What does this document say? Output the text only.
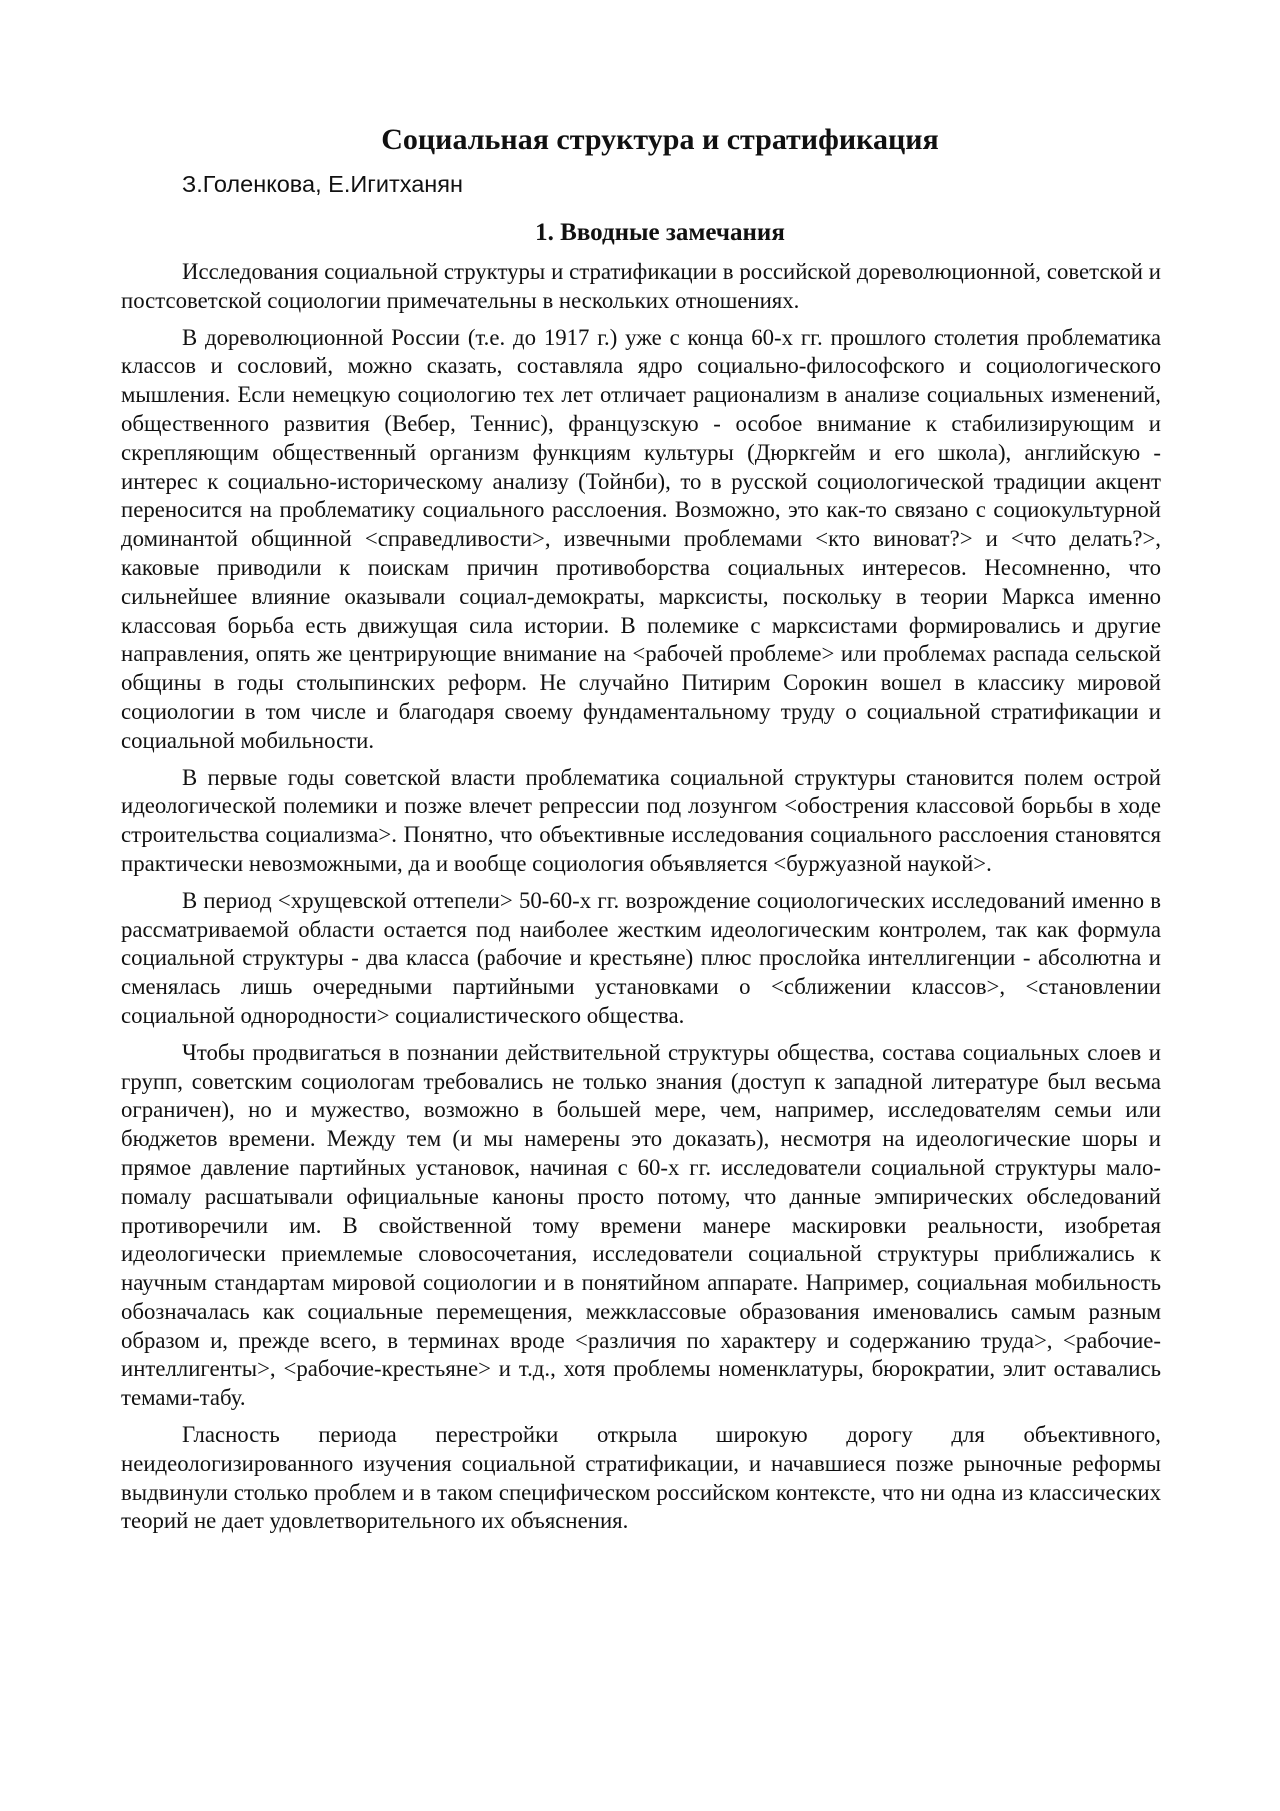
Социальная структура и стратификация
З.Голенкова, Е.Игитханян
1. Вводные замечания

Исследования социальной структуры и стратификации в российской дореволюционной, советской и постсоветской социологии примечательны в нескольких отношениях.

В дореволюционной России (т.е. до 1917 г.) уже с конца 60-х гг. прошлого столетия проблематика классов и сословий, можно сказать, составляла ядро социально-философского и социологического мышления. Если немецкую социологию тех лет отличает рационализм в анализе социальных изменений, общественного развития (Вебер, Теннис), французскую - особое внимание к стабилизирующим и скрепляющим общественный организм функциям культуры (Дюркгейм и его школа), английскую - интерес к социально-историческому анализу (Тойнби), то в русской социологической традиции акцент переносится на проблематику социального расслоения. Возможно, это как-то связано с социокультурной доминантой общинной <справедливости>, извечными проблемами <кто виноват?> и <что делать?>, каковые приводили к поискам причин противоборства социальных интересов. Несомненно, что сильнейшее влияние оказывали социал-демократы, марксисты, поскольку в теории Маркса именно классовая борьба есть движущая сила истории. В полемике с марксистами формировались и другие направления, опять же центрирующие внимание на <рабочей проблеме> или проблемах распада сельской общины в годы столыпинских реформ. Не случайно Питирим Сорокин вошел в классику мировой социологии в том числе и благодаря своему фундаментальному труду о социальной стратификации и социальной мобильности.

В первые годы советской власти проблематика социальной структуры становится полем острой идеологической полемики и позже влечет репрессии под лозунгом <обострения классовой борьбы в ходе строительства социализма>. Понятно, что объективные исследования социального расслоения становятся практически невозможными, да и вообще социология объявляется <буржуазной наукой>.

В период <хрущевской оттепели> 50-60-х гг. возрождение социологических исследований именно в рассматриваемой области остается под наиболее жестким идеологическим контролем, так как формула социальной структуры - два класса (рабочие и крестьяне) плюс прослойка интеллигенции - абсолютна и сменялась лишь очередными партийными установками о <сближении классов>, <становлении социальной однородности> социалистического общества.

Чтобы продвигаться в познании действительной структуры общества, состава социальных слоев и групп, советским социологам требовались не только знания (доступ к западной литературе был весьма ограничен), но и мужество, возможно в большей мере, чем, например, исследователям семьи или бюджетов времени. Между тем (и мы намерены это доказать), несмотря на идеологические шоры и прямое давление партийных установок, начиная с 60-х гг. исследователи социальной структуры мало-помалу расшатывали официальные каноны просто потому, что данные эмпирических обследований противоречили им. В свойственной тому времени манере маскировки реальности, изобретая идеологически приемлемые словосочетания, исследователи социальной структуры приближались к научным стандартам мировой социологии и в понятийном аппарате. Например, социальная мобильность обозначалась как социальные перемещения, межклассовые образования именовались самым разным образом и, прежде всего, в терминах вроде <различия по характеру и содержанию труда>, <рабочие-интеллигенты>, <рабочие-крестьяне> и т.д., хотя проблемы номенклатуры, бюрократии, элит оставались темами-табу.

Гласность периода перестройки открыла широкую дорогу для объективного, неидеологизированного изучения социальной стратификации, и начавшиеся позже рыночные реформы выдвинули столько проблем и в таком специфическом российском контексте, что ни одна из классических теорий не дает удовлетворительного их объяснения.
